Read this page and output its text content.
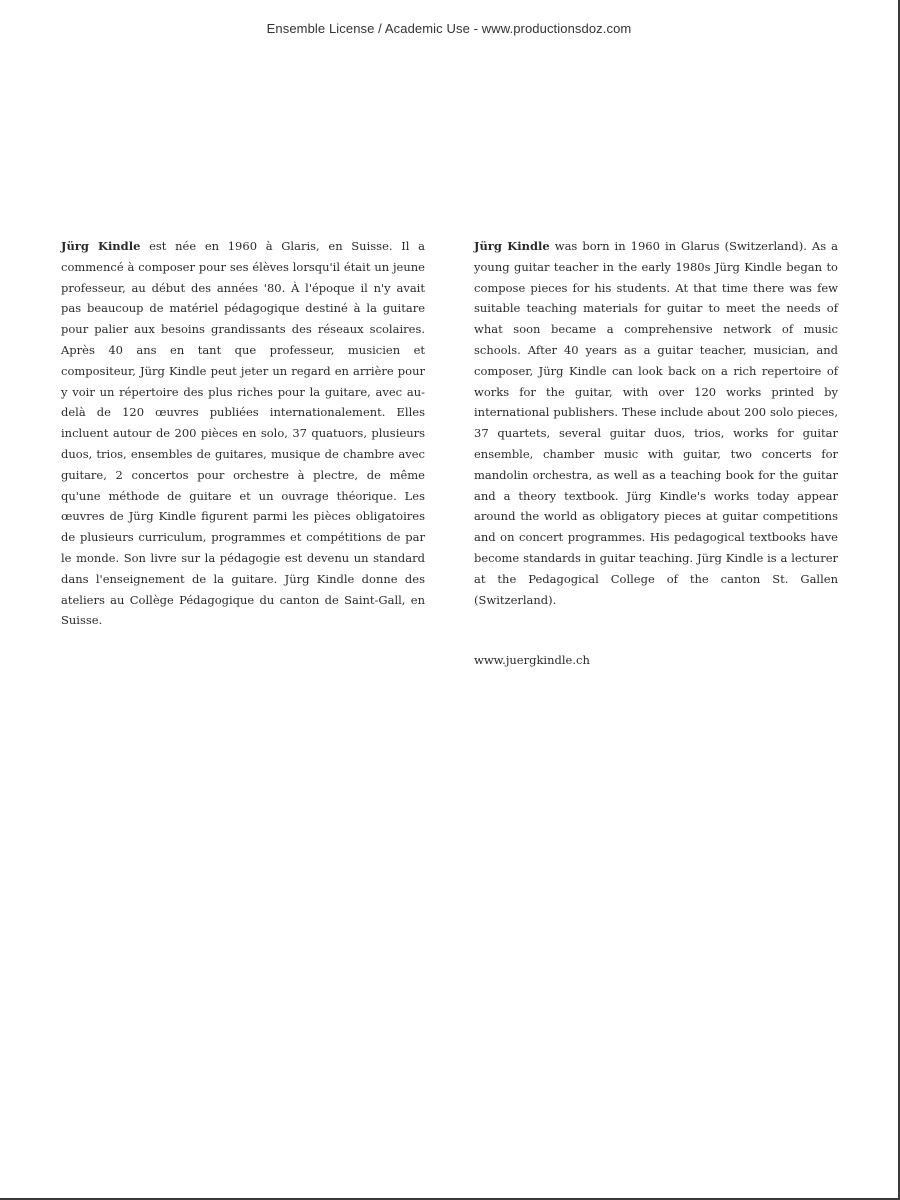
Ensemble License / Academic Use - www.productionsdoz.com

Jürg Kindle est née en 1960 à Glaris, en Suisse. Il a commencé à composer pour ses élèves lorsqu'il était un jeune professeur, au début des années '80. À l'époque il n'y avait pas beaucoup de matériel pédagogique destiné à la guitare pour palier aux besoins grandissants des réseaux scolaires. Après 40 ans en tant que professeur, musicien et compositeur, Jürg Kindle peut jeter un regard en arrière pour y voir un répertoire des plus riches pour la guitare, avec au-delà de 120 œuvres publiées internationalement. Elles incluent autour de 200 pièces en solo, 37 quatuors, plusieurs duos, trios, ensembles de guitares, musique de chambre avec guitare, 2 concertos pour orchestre à plectre, de même qu'une méthode de guitare et un ouvrage théorique. Les œuvres de Jürg Kindle figurent parmi les pièces obligatoires de plusieurs curriculum, programmes et compétitions de par le monde. Son livre sur la pédagogie est devenu un standard dans l'enseignement de la guitare. Jürg Kindle donne des ateliers au Collège Pédagogique du canton de Saint-Gall, en Suisse.

Jürg Kindle was born in 1960 in Glarus (Switzerland). As a young guitar teacher in the early 1980s Jürg Kindle began to compose pieces for his students. At that time there was few suitable teaching materials for guitar to meet the needs of what soon became a comprehensive network of music schools. After 40 years as a guitar teacher, musician, and composer, Jürg Kindle can look back on a rich repertoire of works for the guitar, with over 120 works printed by international publishers. These include about 200 solo pieces, 37 quartets, several guitar duos, trios, works for guitar ensemble, chamber music with guitar, two concerts for mandolin orchestra, as well as a teaching book for the guitar and a theory textbook. Jürg Kindle's works today appear around the world as obligatory pieces at guitar competitions and on concert programmes. His pedagogical textbooks have become standards in guitar teaching. Jürg Kindle is a lecturer at the Pedagogical College of the canton St. Gallen (Switzerland).

www.juergkindle.ch
